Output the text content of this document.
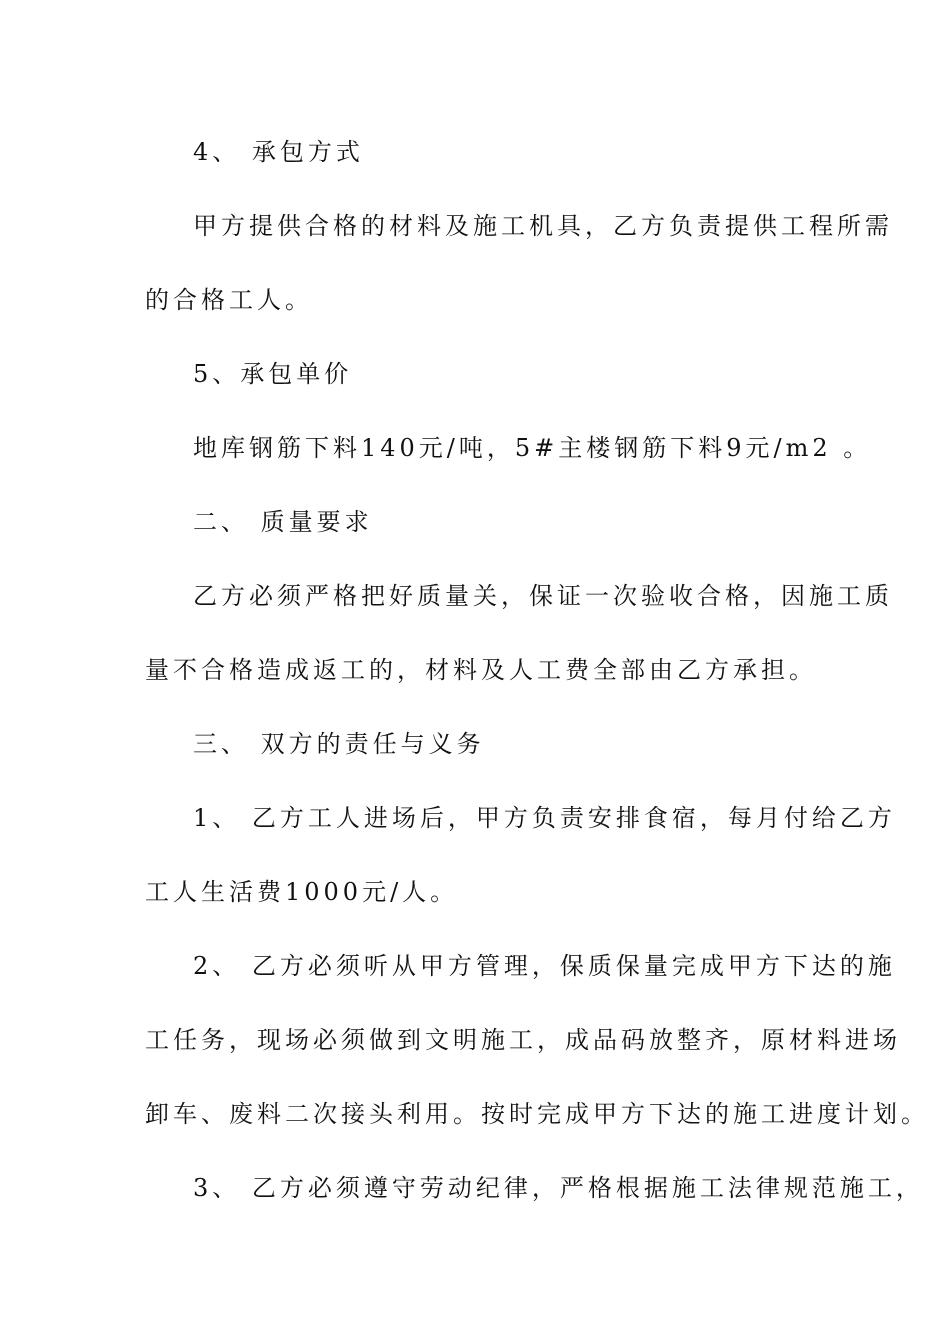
4、 承包方式
甲方提供合格的材料及施工机具，乙方负责提供工程所需
的合格工人。
5、承包单价
地库钢筋下料140元/吨，5#主楼钢筋下料9元/m2 。
二、 质量要求
乙方必须严格把好质量关，保证一次验收合格，因施工质
量不合格造成返工的，材料及人工费全部由乙方承担。
三、 双方的责任与义务
1、 乙方工人进场后，甲方负责安排食宿，每月付给乙方
工人生活费1000元/人。
2、 乙方必须听从甲方管理，保质保量完成甲方下达的施
工任务，现场必须做到文明施工，成品码放整齐，原材料进场
卸车、废料二次接头利用。按时完成甲方下达的施工进度计划。
3、 乙方必须遵守劳动纪律，严格根据施工法律规范施工，
